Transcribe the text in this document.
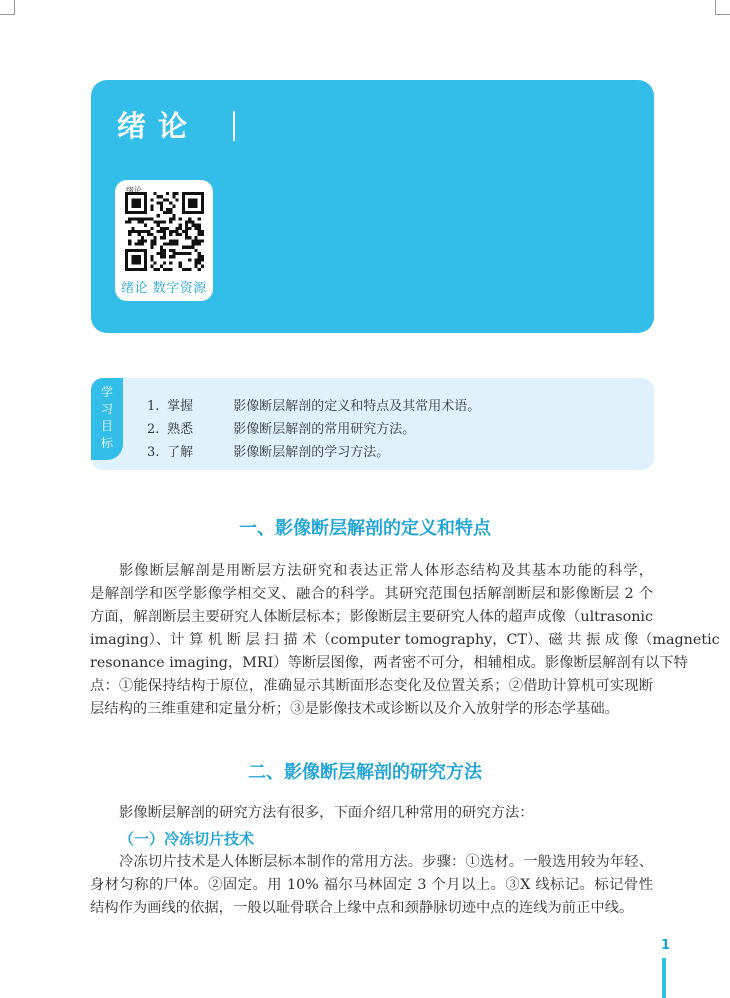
绪论
绪论
绪论 数字资源
学习目标
1. 掌握	影像断层解剖的定义和特点及其常用术语。
2. 熟悉	影像断层解剖的常用研究方法。
3. 了解	影像断层解剖的学习方法。
一、影像断层解剖的定义和特点
影像断层解剖是用断层方法研究和表达正常人体形态结构及其基本功能的科学，
是解剖学和医学影像学相交叉、融合的科学。其研究范围包括解剖断层和影像断层 2 个
方面，解剖断层主要研究人体断层标本；影像断层主要研究人体的超声成像（ultrasonic
imaging）、计 算 机 断 层 扫 描 术（computer tomography，CT）、磁 共 振 成 像（magnetic
resonance imaging，MRI）等断层图像，两者密不可分，相辅相成。影像断层解剖有以下特
点：①能保持结构于原位，准确显示其断面形态变化及位置关系；②借助计算机可实现断
层结构的三维重建和定量分析；③是影像技术或诊断以及介入放射学的形态学基础。
二、影像断层解剖的研究方法
影像断层解剖的研究方法有很多，下面介绍几种常用的研究方法：
（一）冷冻切片技术
冷冻切片技术是人体断层标本制作的常用方法。步骤：①选材。一般选用较为年轻、
身材匀称的尸体。②固定。用 10% 福尔马林固定 3 个月以上。③X 线标记。标记骨性
结构作为画线的依据，一般以耻骨联合上缘中点和颈静脉切迹中点的连线为前正中线。
1
